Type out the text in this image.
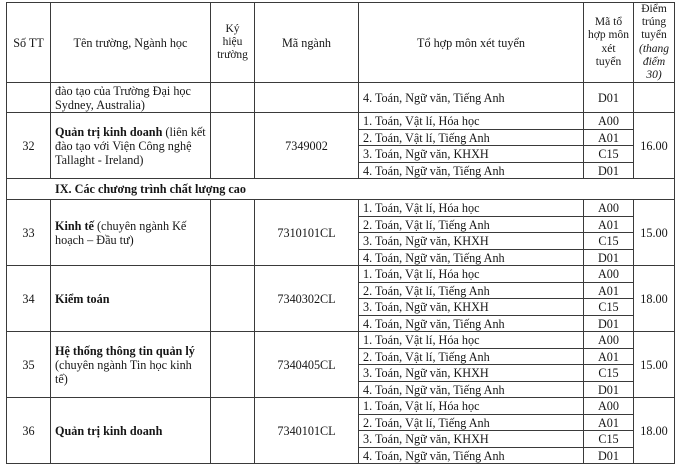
Số TT	Tên trường, Ngành học	Ký hiệu trường	Mã ngành	Tổ hợp môn xét tuyển	Mã tổ hợp môn xét tuyển	Điểm trúng tuyển (thang điểm 30)
	đào tạo của Trường Đại học Sydney, Australia)			4. Toán, Ngữ văn, Tiếng Anh	D01	
32	Quản trị kinh doanh (liên kết đào tạo với Viện Công nghệ Tallaght - Ireland)		7349002	1. Toán, Vật lí, Hóa học	A00	16.00
				2. Toán, Vật lí, Tiếng Anh	A01	
				3. Toán, Ngữ văn, KHXH	C15	
				4. Toán, Ngữ văn, Tiếng Anh	D01	
IX. Các chương trình chất lượng cao						
33	Kinh tế (chuyên ngành Kế hoạch – Đầu tư)		7310101CL	1. Toán, Vật lí, Hóa học	A00	15.00
				2. Toán, Vật lí, Tiếng Anh	A01	
				3. Toán, Ngữ văn, KHXH	C15	
				4. Toán, Ngữ văn, Tiếng Anh	D01	
34	Kiểm toán		7340302CL	1. Toán, Vật lí, Hóa học	A00	18.00
				2. Toán, Vật lí, Tiếng Anh	A01	
				3. Toán, Ngữ văn, KHXH	C15	
				4. Toán, Ngữ văn, Tiếng Anh	D01	
35	Hệ thống thông tin quản lý (chuyên ngành Tin học kinh tế)		7340405CL	1. Toán, Vật lí, Hóa học	A00	15.00
				2. Toán, Vật lí, Tiếng Anh	A01	
				3. Toán, Ngữ văn, KHXH	C15	
				4. Toán, Ngữ văn, Tiếng Anh	D01	
36	Quản trị kinh doanh		7340101CL	1. Toán, Vật lí, Hóa học	A00	18.00
				2. Toán, Vật lí, Tiếng Anh	A01	
				3. Toán, Ngữ văn, KHXH	C15	
				4. Toán, Ngữ văn, Tiếng Anh	D01	
